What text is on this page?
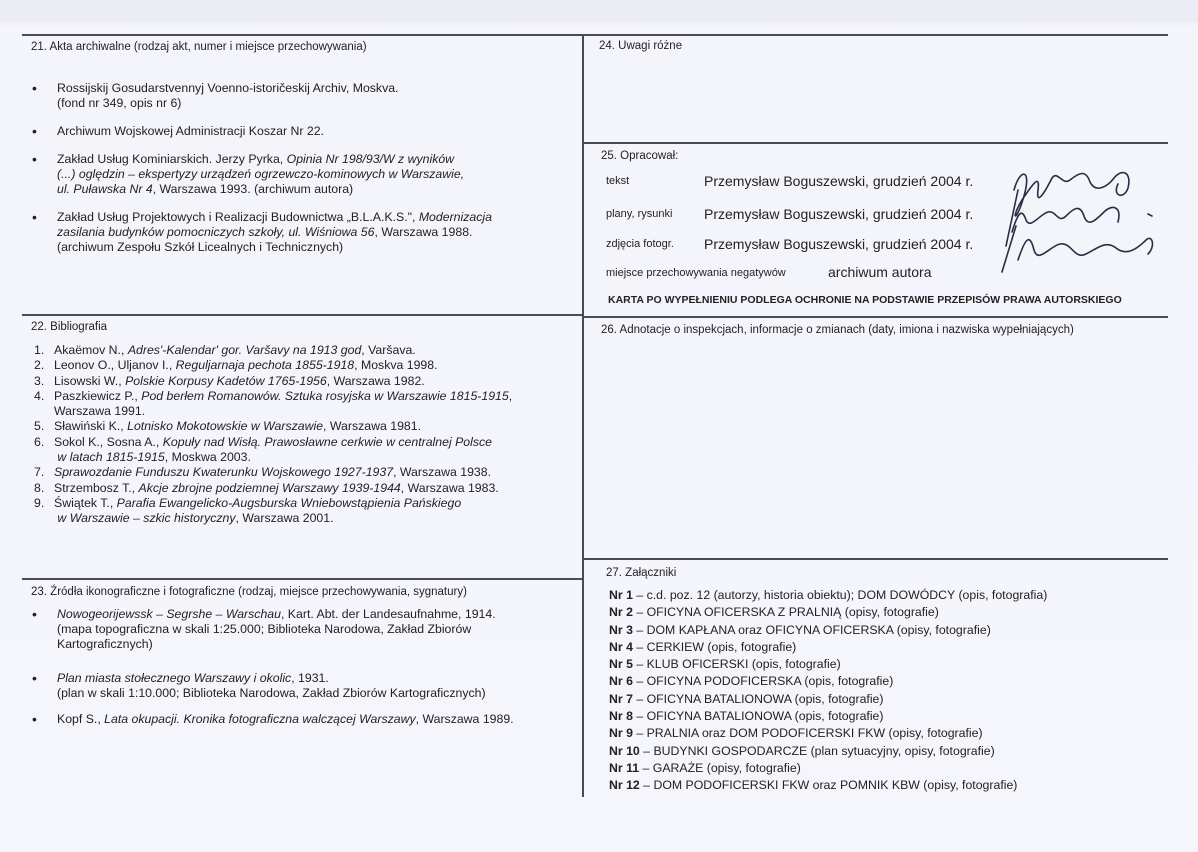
21. Akta archiwalne (rodzaj akt, numer i miejsce przechowywania)
• Rossijskij Gosudarstvennyj Voenno-istoričeskij Archiv, Moskva.
(fond nr 349, opis nr 6)
• Archiwum Wojskowej Administracji Koszar Nr 22.
• Zakład Usług Kominiarskich. Jerzy Pyrka, Opinia Nr 198/93/W z wyników
(...) oględzin – ekspertyzy urządzeń ogrzewczo-kominowych w Warszawie,
ul. Puławska Nr 4, Warszawa 1993. (archiwum autora)
• Zakład Usług Projektowych i Realizacji Budownictwa „B.L.A.K.S.", Modernizacja
zasilania budynków pomocniczych szkoły, ul. Wiśniowa 56, Warszawa 1988.
(archiwum Zespołu Szkół Licealnych i Technicznych)
22. Bibliografia
1. Akaёmov N., Adres'-Kalendar' gor. Varšavy na 1913 god, Varšava.
2. Leonov O., Uljanov I., Reguljarnaja pechota 1855-1918, Moskva 1998.
3. Lisowski W., Polskie Korpusy Kadetów 1765-1956, Warszawa 1982.
4. Paszkiewicz P., Pod berłem Romanowów. Sztuka rosyjska w Warszawie 1815-1915,
Warszawa 1991.
5. Sławiński K., Lotnisko Mokotowskie w Warszawie, Warszawa 1981.
6. Sokol K., Sosna A., Kopuły nad Wisłą. Prawosławne cerkwie w centralnej Polsce
w latach 1815-1915, Moskwa 2003.
7. Sprawozdanie Funduszu Kwaterunku Wojskowego 1927-1937, Warszawa 1938.
8. Strzembosz T., Akcje zbrojne podziemnej Warszawy 1939-1944, Warszawa 1983.
9. Świątek T., Parafia Ewangelicko-Augsburska Wniebowstąpienia Pańskiego
w Warszawie – szkic historyczny, Warszawa 2001.
23. Źródła ikonograficzne i fotograficzne (rodzaj, miejsce przechowywania, sygnatury)
• Nowogeorijewssk – Segrshe – Warschau, Kart. Abt. der Landesaufnahme, 1914.
(mapa topograficzna w skali 1:25.000; Biblioteka Narodowa, Zakład Zbiorów
Kartograficznych)
• Plan miasta stołecznego Warszawy i okolic, 1931.
(plan w skali 1:10.000; Biblioteka Narodowa, Zakład Zbiorów Kartograficznych)
• Kopf S., Lata okupacji. Kronika fotograficzna walczącej Warszawy, Warszawa 1989.
24. Uwagi różne
25. Opracował:
tekst	Przemysław Boguszewski, grudzień 2004 r.
plany, rysunki Przemysław Boguszewski, grudzień 2004 r.
zdjęcia fotogr. Przemysław Boguszewski, grudzień 2004 r.
miejsce przechowywania negatywów	archiwum autora
KARTA PO WYPEŁNIENIU PODLEGA OCHRONIE NA PODSTAWIE PRZEPISÓW PRAWA AUTORSKIEGO
26. Adnotacje o inspekcjach, informacje o zmianach (daty, imiona i nazwiska wypełniających)
27. Załączniki
Nr 1 – c.d. poz. 12 (autorzy, historia obiektu); DOM DOWÓDCY (opis, fotografia)
Nr 2 – OFICYNA OFICERSKA Z PRALNIĄ (opisy, fotografie)
Nr 3 – DOM KAPŁANA oraz OFICYNA OFICERSKA (opisy, fotografie)
Nr 4 – CERKIEW (opis, fotografie)
Nr 5 – KLUB OFICERSKI (opis, fotografie)
Nr 6 – OFICYNA PODOFICERSKA (opis, fotografie)
Nr 7 – OFICYNA BATALIONOWA (opis, fotografie)
Nr 8 – OFICYNA BATALIONOWA (opis, fotografie)
Nr 9 – PRALNIA oraz DOM PODOFICERSKI FKW (opisy, fotografie)
Nr 10 – BUDYNKI GOSPODARCZE (plan sytuacyjny, opisy, fotografie)
Nr 11 – GARAŻE (opisy, fotografie)
Nr 12 – DOM PODOFICERSKI FKW oraz POMNIK KBW (opisy, fotografie)
